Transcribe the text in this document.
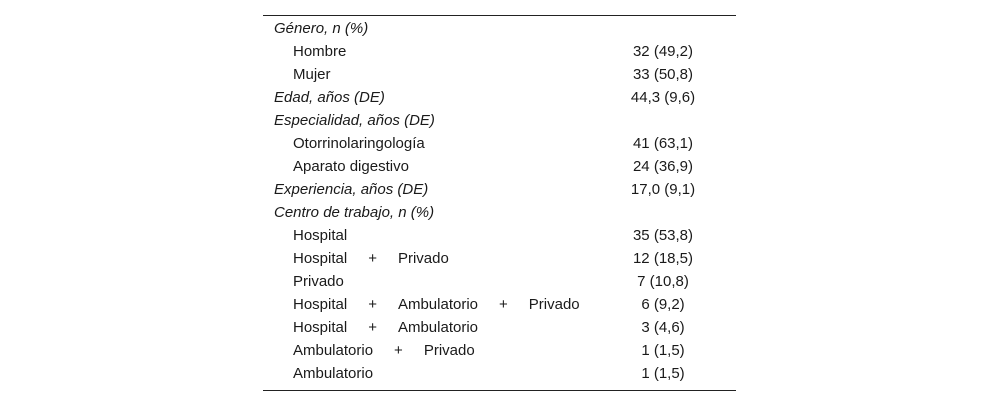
Género, n (%)
Hombre	32 (49,2)
Mujer	33 (50,8)
Edad, años (DE)	44,3 (9,6)
Especialidad, años (DE)
Otorrinolaringología	41 (63,1)
Aparato digestivo	24 (36,9)
Experiencia, años (DE)	17,0 (9,1)
Centro de trabajo, n (%)
Hospital	35 (53,8)
Hospital + Privado	12 (18,5)
Privado	7 (10,8)
Hospital + Ambulatorio + Privado	6 (9,2)
Hospital + Ambulatorio	3 (4,6)
Ambulatorio + Privado	1 (1,5)
Ambulatorio	1 (1,5)
